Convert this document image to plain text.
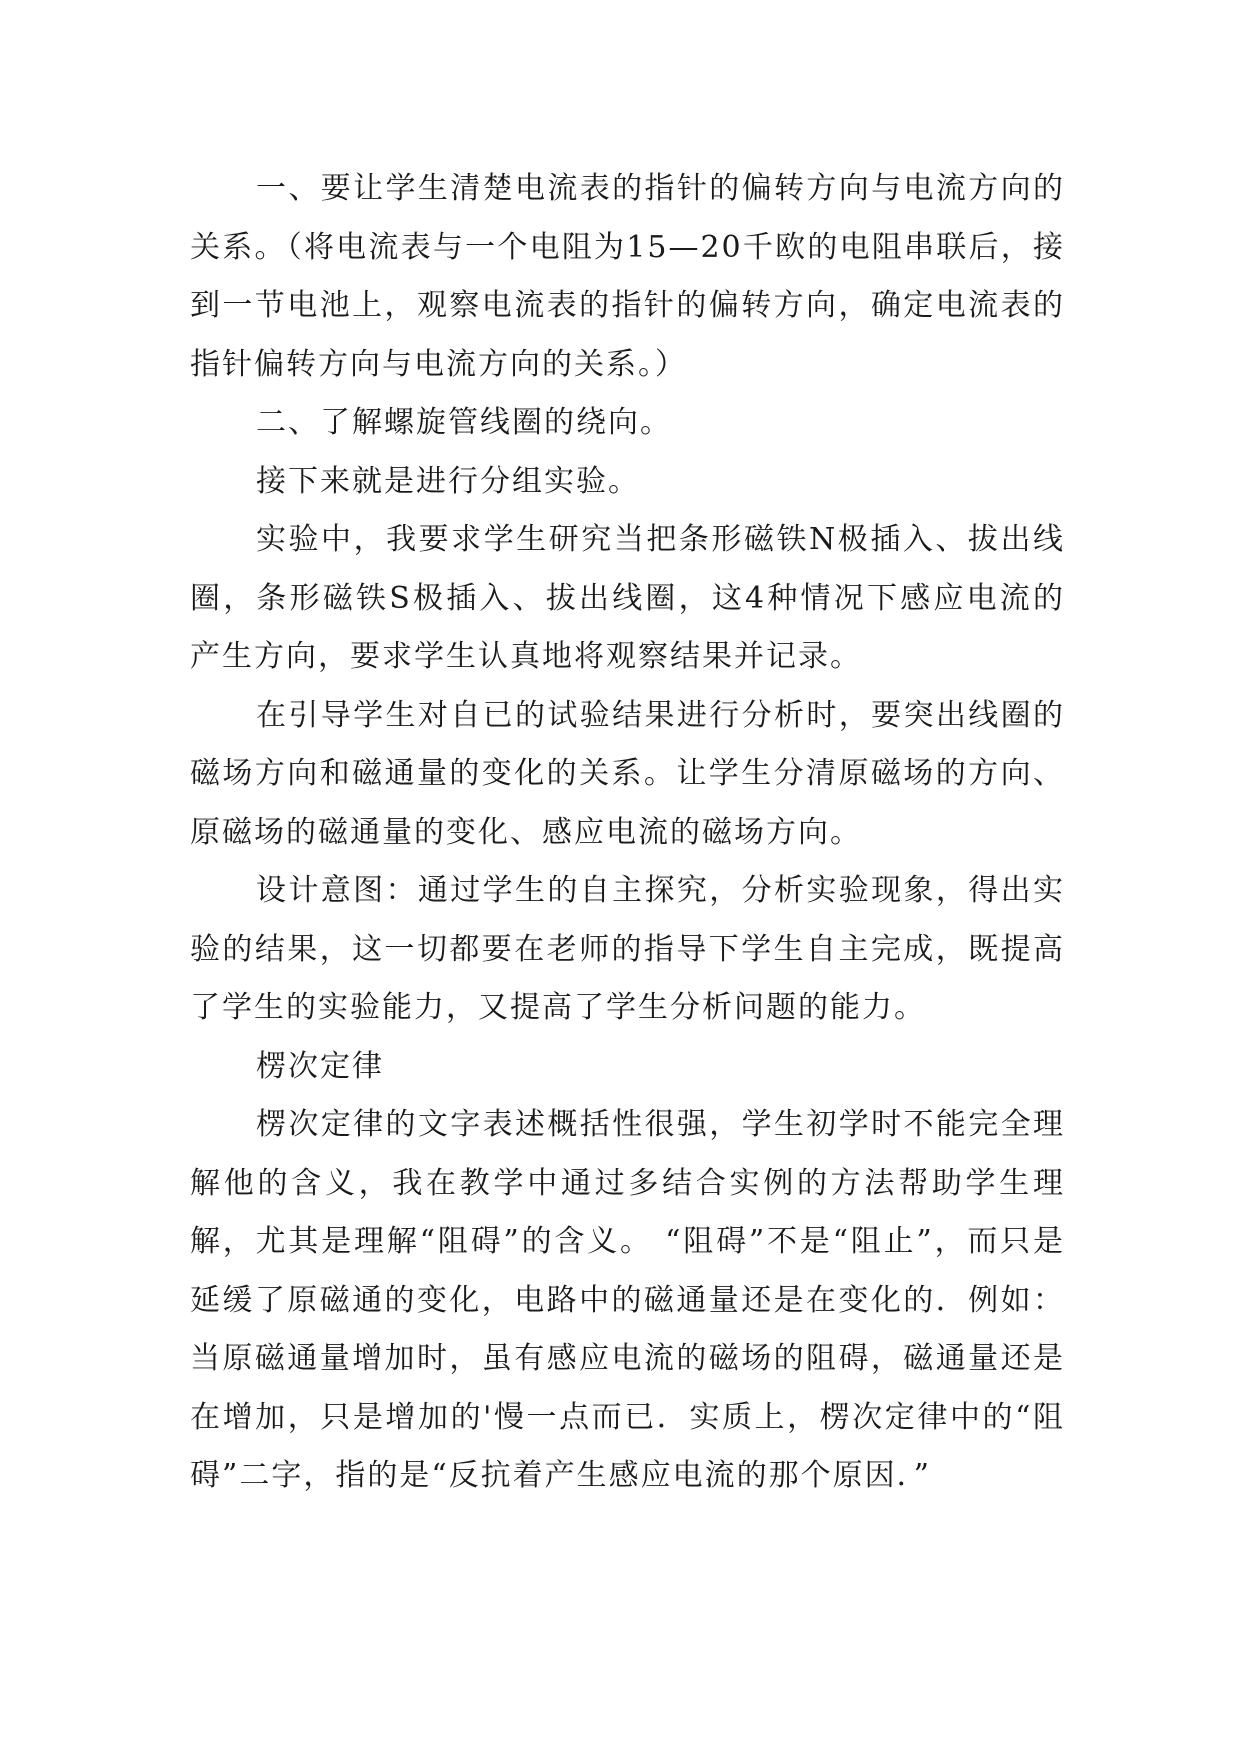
一、要让学生清楚电流表的指针的偏转方向与电流方向的关系。（将电流表与一个电阻为15—20千欧的电阻串联后，接到一节电池上，观察电流表的指针的偏转方向，确定电流表的指针偏转方向与电流方向的关系。）

二、了解螺旋管线圈的绕向。

接下来就是进行分组实验。

实验中，我要求学生研究当把条形磁铁N极插入、拔出线圈，条形磁铁S极插入、拔出线圈，这4种情况下感应电流的产生方向，要求学生认真地将观察结果并记录。

在引导学生对自已的试验结果进行分析时，要突出线圈的磁场方向和磁通量的变化的关系。让学生分清原磁场的方向、原磁场的磁通量的变化、感应电流的磁场方向。

设计意图：通过学生的自主探究，分析实验现象，得出实验的结果，这一切都要在老师的指导下学生自主完成，既提高了学生的实验能力，又提高了学生分析问题的能力。

楞次定律

楞次定律的文字表述概括性很强，学生初学时不能完全理解他的含义，我在教学中通过多结合实例的方法帮助学生理解，尤其是理解“阻碍”的含义。 “阻碍”不是“阻止”，而只是延缓了原磁通的变化，电路中的磁通量还是在变化的．例如：当原磁通量增加时，虽有感应电流的磁场的阻碍，磁通量还是在增加，只是增加的'慢一点而已．实质上，楞次定律中的“阻碍”二字，指的是“反抗着产生感应电流的那个原因．”
